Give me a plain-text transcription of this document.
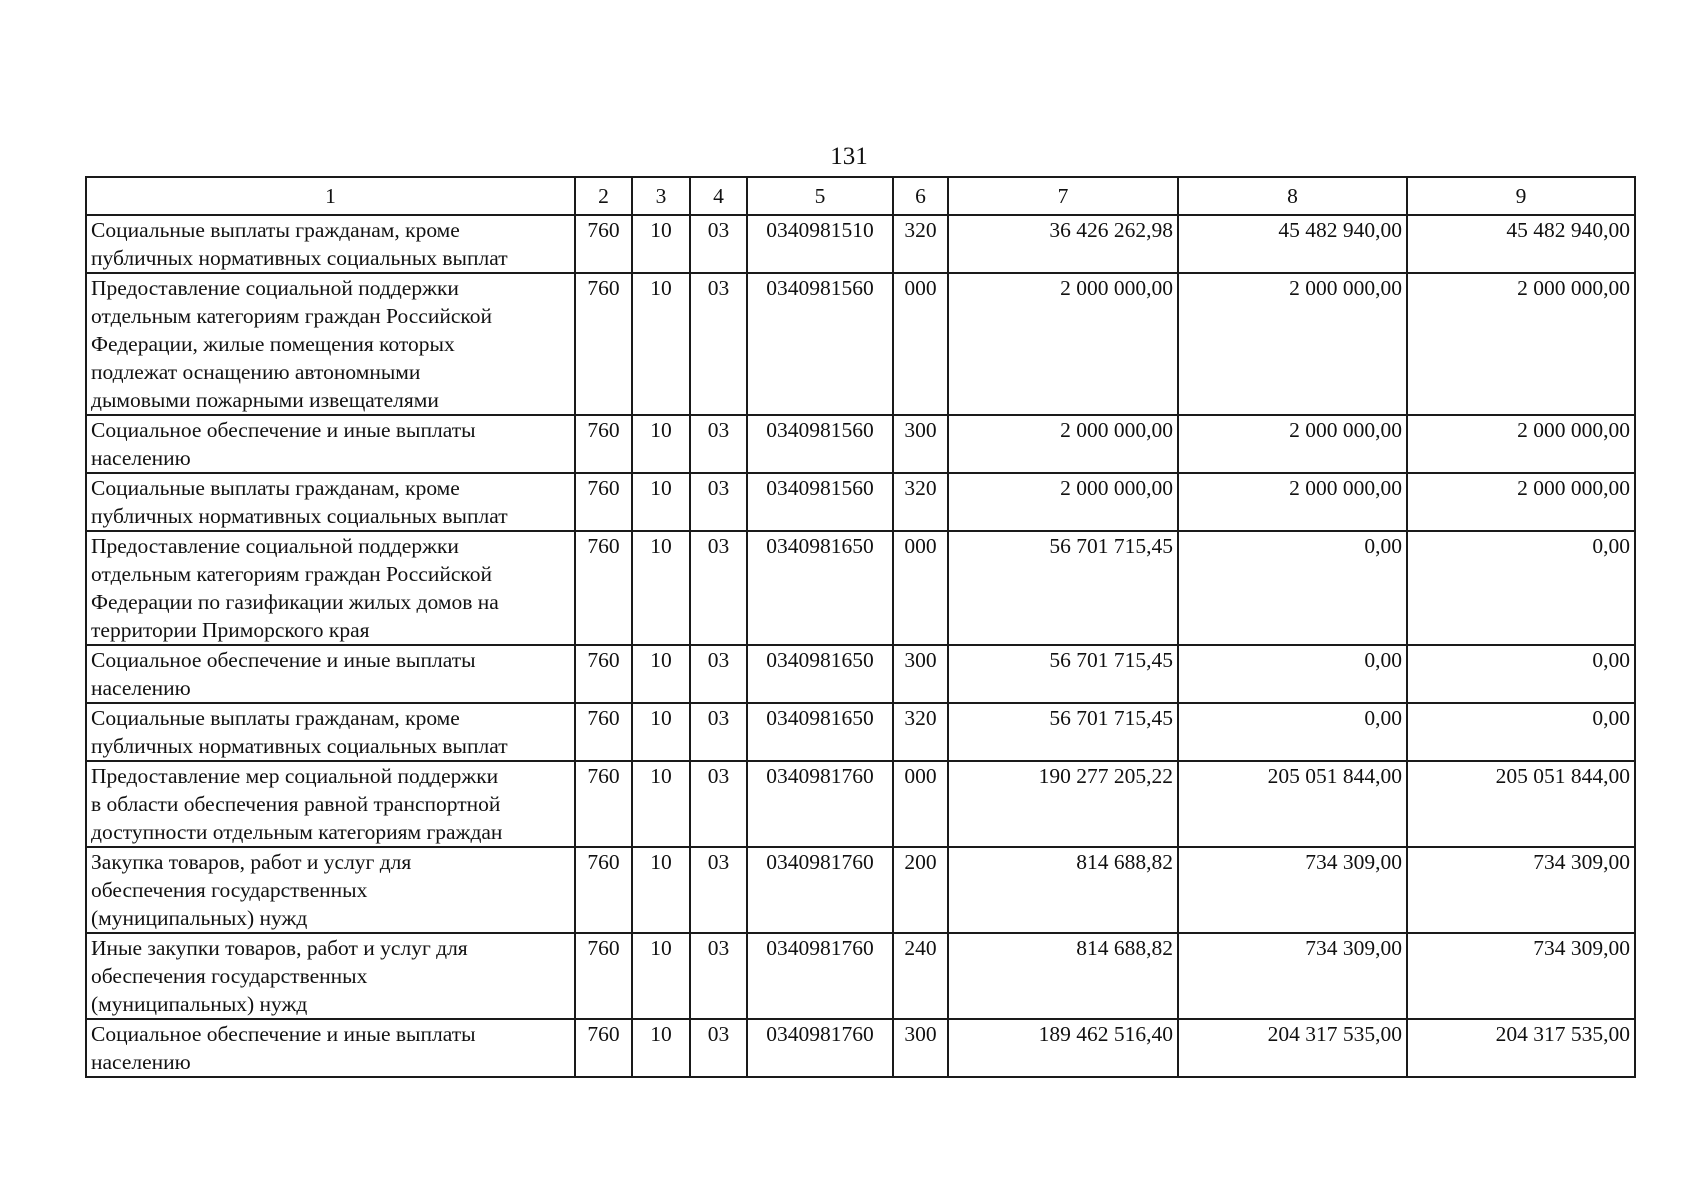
131
1	2	3	4	5	6	7	8	9

Социальные выплаты гражданам, кроме
публичных нормативных социальных выплат	760	10	03	0340981510	320	36 426 262,98	45 482 940,00	45 482 940,00

Предоставление социальной поддержки
отдельным категориям граждан Российской
Федерации, жилые помещения которых
подлежат оснащению автономными
дымовыми пожарными извещателями	760	10	03	0340981560	000	2 000 000,00	2 000 000,00	2 000 000,00

Социальное обеспечение и иные выплаты
населению	760	10	03	0340981560	300	2 000 000,00	2 000 000,00	2 000 000,00

Социальные выплаты гражданам, кроме
публичных нормативных социальных выплат	760	10	03	0340981560	320	2 000 000,00	2 000 000,00	2 000 000,00

Предоставление социальной поддержки
отдельным категориям граждан Российской
Федерации по газификации жилых домов на
территории Приморского края	760	10	03	0340981650	000	56 701 715,45	0,00	0,00

Социальное обеспечение и иные выплаты
населению	760	10	03	0340981650	300	56 701 715,45	0,00	0,00

Социальные выплаты гражданам, кроме
публичных нормативных социальных выплат	760	10	03	0340981650	320	56 701 715,45	0,00	0,00

Предоставление мер социальной поддержки
в области обеспечения равной транспортной
доступности отдельным категориям граждан	760	10	03	0340981760	000	190 277 205,22	205 051 844,00	205 051 844,00

Закупка товаров, работ и услуг для
обеспечения государственных
(муниципальных) нужд	760	10	03	0340981760	200	814 688,82	734 309,00	734 309,00

Иные закупки товаров, работ и услуг для
обеспечения государственных
(муниципальных) нужд	760	10	03	0340981760	240	814 688,82	734 309,00	734 309,00

Социальное обеспечение и иные выплаты
населению	760	10	03	0340981760	300	189 462 516,40	204 317 535,00	204 317 535,00
